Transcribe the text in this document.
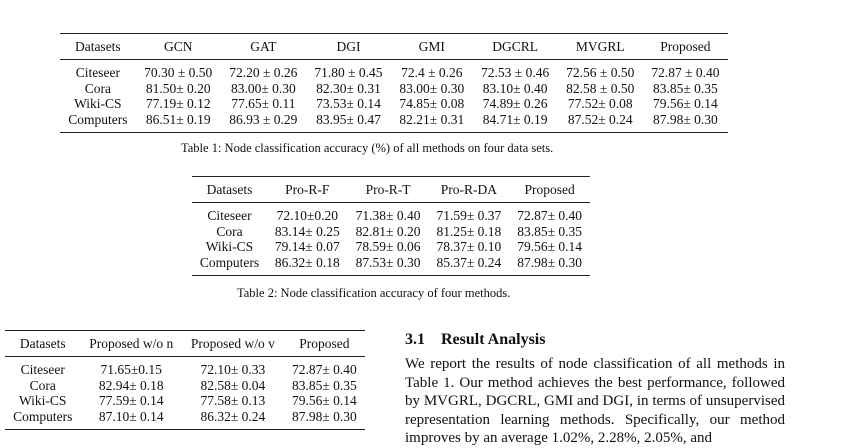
Datasets	GCN	GAT	DGI	GMI	DGCRL	MVGRL	Proposed
Citeseer	70.30 ± 0.50	72.20 ± 0.26	71.80 ± 0.45	72.4 ± 0.26	72.53 ± 0.46	72.56 ± 0.50	72.87 ± 0.40
Cora	81.50± 0.20	83.00± 0.30	82.30± 0.31	83.00± 0.30	83.10± 0.40	82.58 ± 0.50	83.85± 0.35
Wiki-CS	77.19± 0.12	77.65± 0.11	73.53± 0.14	74.85± 0.08	74.89± 0.26	77.52± 0.08	79.56± 0.14
Computers	86.51± 0.19	86.93 ± 0.29	83.95± 0.47	82.21± 0.31	84.71± 0.19	87.52± 0.24	87.98± 0.30
Table 1: Node classification accuracy (%) of all methods on four data sets.
Datasets	Pro-R-F	Pro-R-T	Pro-R-DA	Proposed
Citeseer	72.10±0.20	71.38± 0.40	71.59± 0.37	72.87± 0.40
Cora	83.14± 0.25	82.81± 0.20	81.25± 0.18	83.85± 0.35
Wiki-CS	79.14± 0.07	78.59± 0.06	78.37± 0.10	79.56± 0.14
Computers	86.32± 0.18	87.53± 0.30	85.37± 0.24	87.98± 0.30
Table 2: Node classification accuracy of four methods.
Datasets	Proposed w/o n	Proposed w/o v	Proposed
Citeseer	71.65±0.15	72.10± 0.33	72.87± 0.40
Cora	82.94± 0.18	82.58± 0.04	83.85± 0.35
Wiki-CS	77.59± 0.14	77.58± 0.13	79.56± 0.14
Computers	87.10± 0.14	86.32± 0.24	87.98± 0.30
3.1 Result Analysis
We report the results of node classification of all methods in Table 1. Our method achieves the best performance, followed by MVGRL, DGCRL, GMI and DGI, in terms of unsupervised representation learning methods. Specifically, our method improves by an average 1.02%, 2.28%, 2.05%, and
